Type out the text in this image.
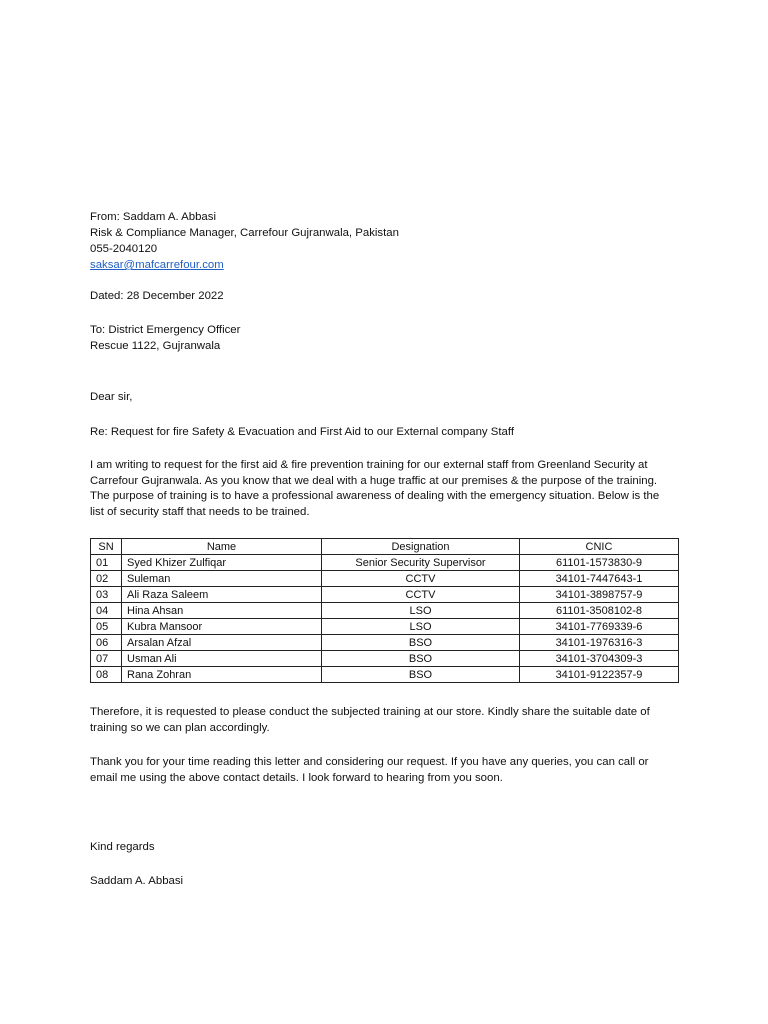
From: Saddam A. Abbasi
Risk & Compliance Manager, Carrefour Gujranwala, Pakistan
055-2040120
saksar@mafcarrefour.com
Dated: 28 December 2022
To: District Emergency Officer
Rescue 1122, Gujranwala
Dear sir,
Re: Request for fire Safety & Evacuation and First Aid to our External company Staff
I am writing to request for the first aid & fire prevention training for our external staff from Greenland Security at
Carrefour Gujranwala. As you know that we deal with a huge traffic at our premises & the purpose of the training.
The purpose of training is to have a professional awareness of dealing with the emergency situation. Below is the
list of security staff that needs to be trained.
SN	Name	Designation	CNIC
01	Syed Khizer Zulfiqar	Senior Security Supervisor	61101-1573830-9
02	Suleman	CCTV	34101-7447643-1
03	Ali Raza Saleem	CCTV	34101-3898757-9
04	Hina Ahsan	LSO	61101-3508102-8
05	Kubra Mansoor	LSO	34101-7769339-6
06	Arsalan Afzal	BSO	34101-1976316-3
07	Usman Ali	BSO	34101-3704309-3
08	Rana Zohran	BSO	34101-9122357-9
Therefore, it is requested to please conduct the subjected training at our store. Kindly share the suitable date of
training so we can plan accordingly.
Thank you for your time reading this letter and considering our request. If you have any queries, you can call or
email me using the above contact details. I look forward to hearing from you soon.
Kind regards
Saddam A. Abbasi
